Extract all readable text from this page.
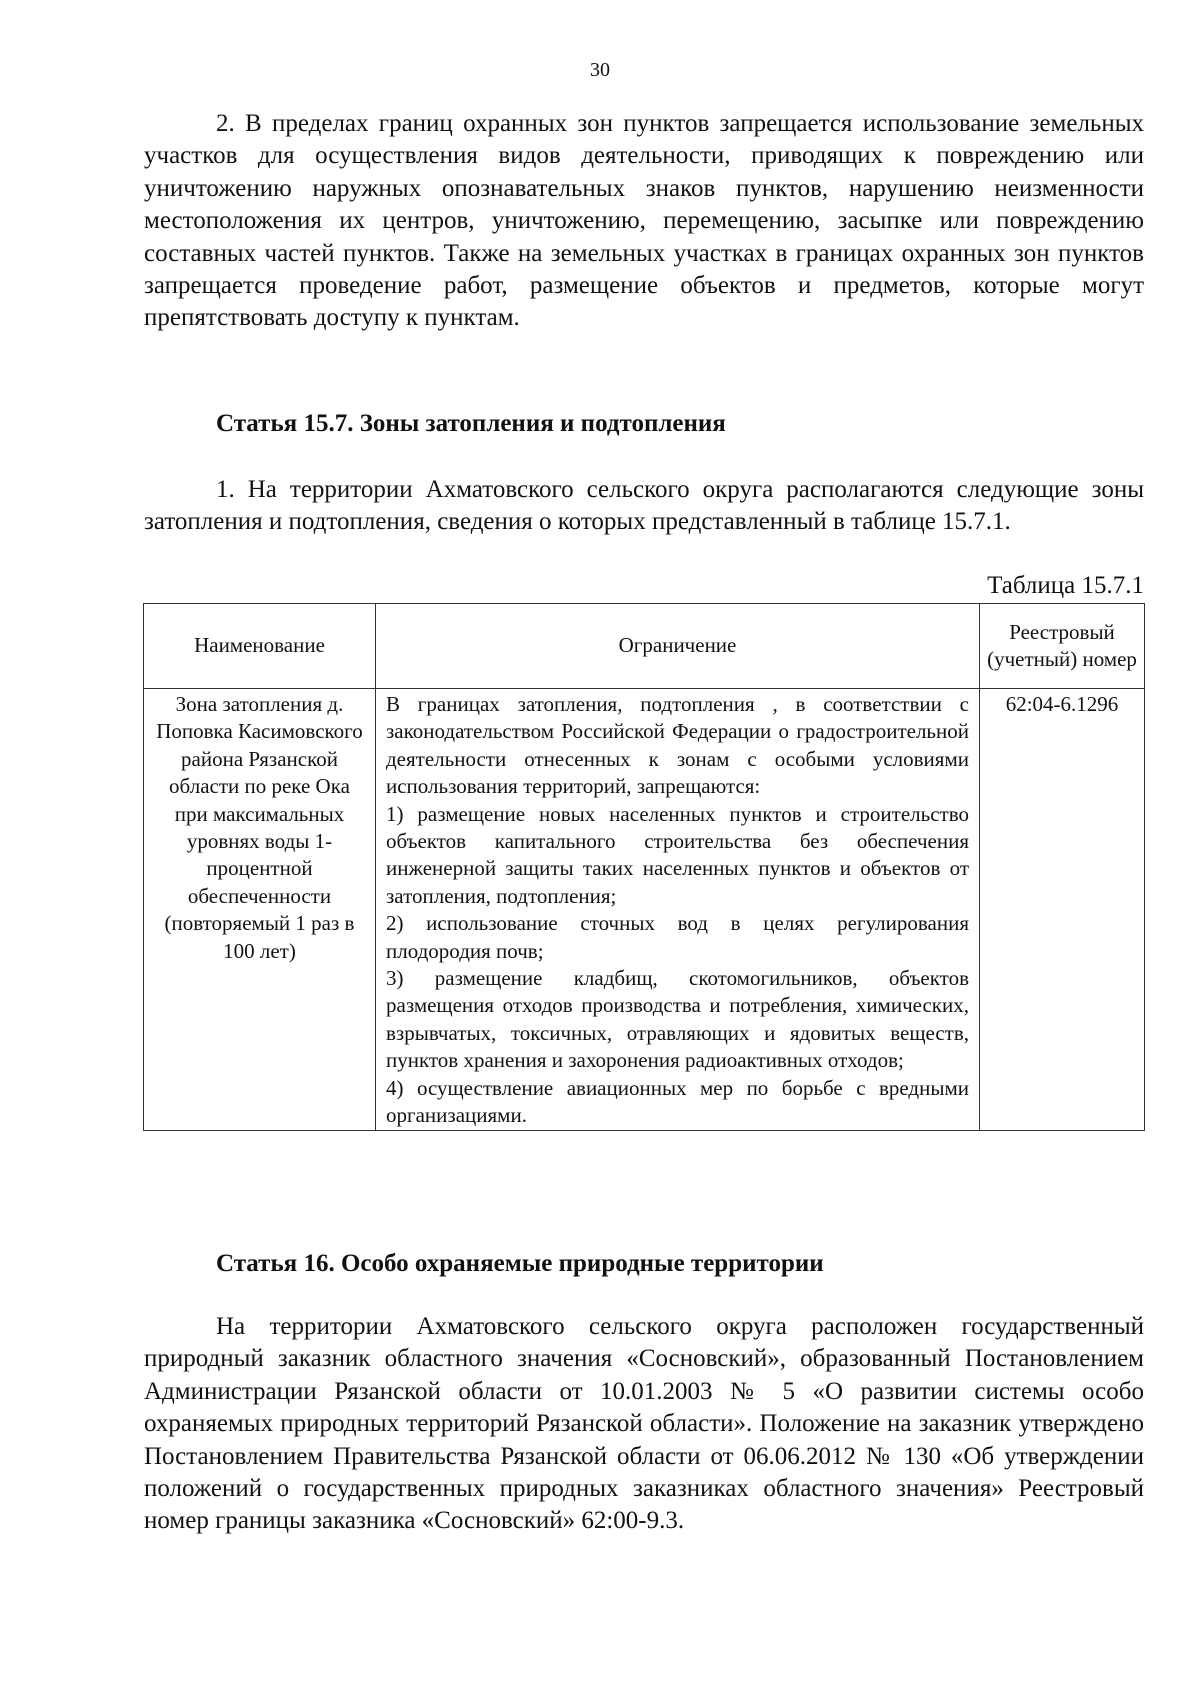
30

2. В пределах границ охранных зон пунктов запрещается использование земельных участков для осуществления видов деятельности, приводящих к повреждению или уничтожению наружных опознавательных знаков пунктов, нарушению неизменности местоположения их центров, уничтожению, перемещению, засыпке или повреждению составных частей пунктов. Также на земельных участках в границах охранных зон пунктов запрещается проведение работ, размещение объектов и предметов, которые могут препятствовать доступу к пунктам.

Статья 15.7. Зоны затопления и подтопления

1. На территории Ахматовского сельского округа располагаются следующие зоны затопления и подтопления, сведения о которых представленный в таблице 15.7.1.

Таблица 15.7.1
Наименование	Ограничение	Реестровый (учетный) номер
Зона затопления д. Поповка Касимовского района Рязанской области по реке Ока при максимальных уровнях воды 1-процентной обеспеченности (повторяемый 1 раз в 100 лет)	В границах затопления, подтопления , в соответствии с законодательством Российской Федерации о градостроительной деятельности отнесенных к зонам с особыми условиями использования территорий, запрещаются:
1) размещение новых населенных пунктов и строительство объектов капитального строительства без обеспечения инженерной защиты таких населенных пунктов и объектов от затопления, подтопления;
2) использование сточных вод в целях регулирования плодородия почв;
3) размещение кладбищ, скотомогильников, объектов размещения отходов производства и потребления, химических, взрывчатых, токсичных, отравляющих и ядовитых веществ, пунктов хранения и захоронения радиоактивных отходов;
4) осуществление авиационных мер по борьбе с вредными организациями.	62:04-6.1296

Статья 16. Особо охраняемые природные территории

На территории Ахматовского сельского округа расположен государственный природный заказник областного значения «Сосновский», образованный Постановлением Администрации Рязанской области от 10.01.2003 № 5 «О развитии системы особо охраняемых природных территорий Рязанской области». Положение на заказник утверждено Постановлением Правительства Рязанской области от 06.06.2012 № 130 «Об утверждении положений о государственных природных заказниках областного значения» Реестровый номер границы заказника «Сосновский» 62:00-9.3.
